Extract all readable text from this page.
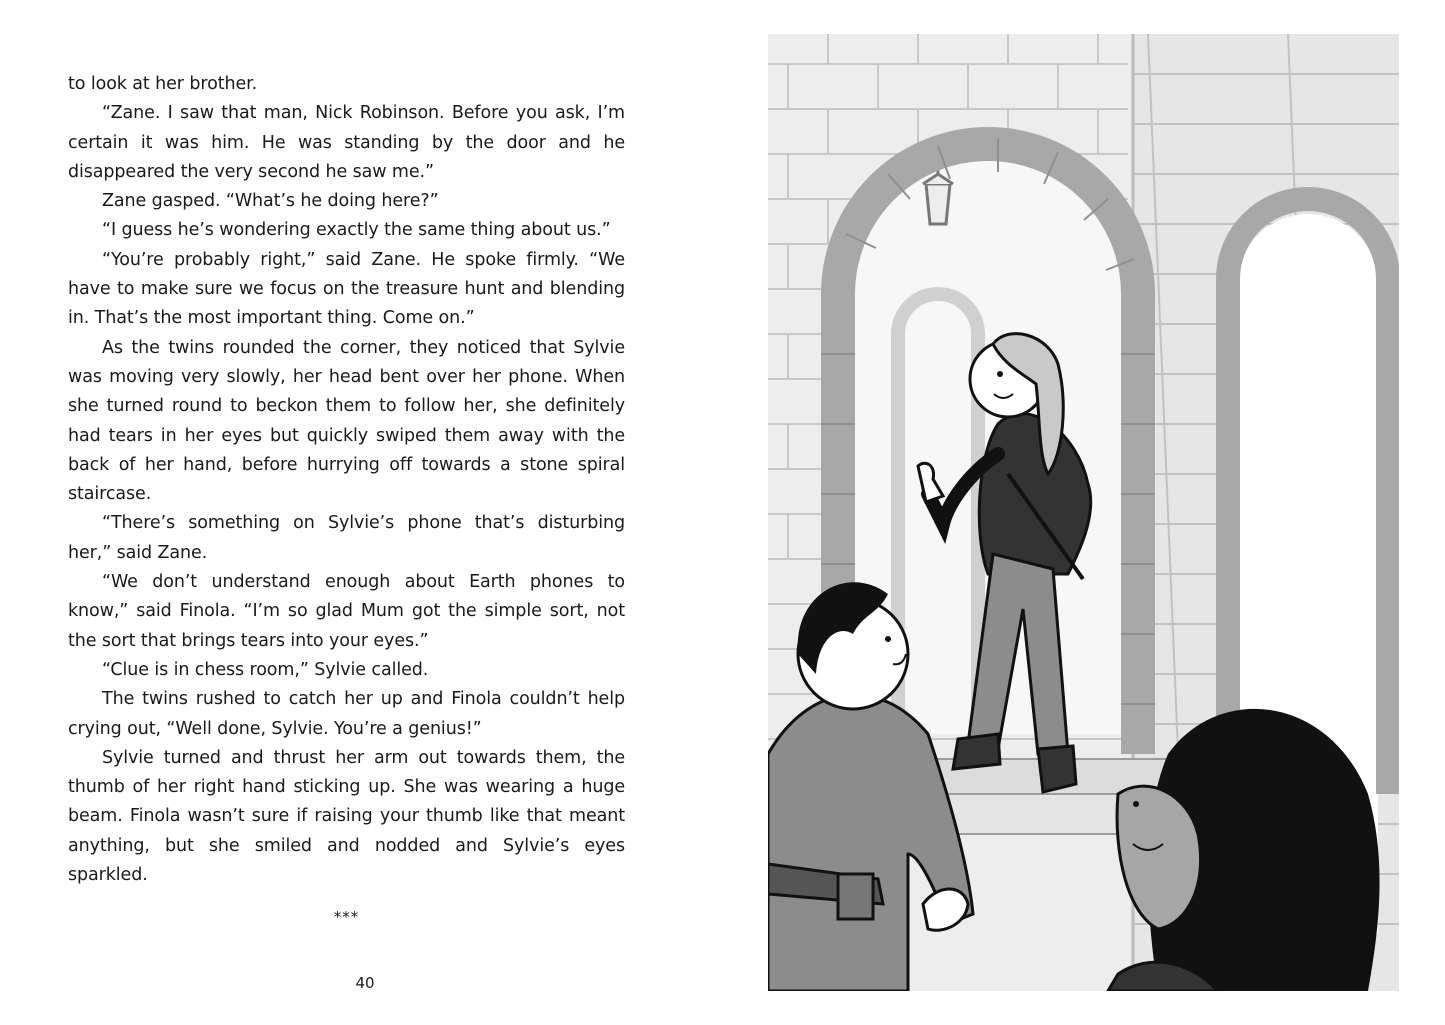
to look at her brother.

“Zane. I saw that man, Nick Robinson. Before you ask, I’m certain it was him. He was standing by the door and he disappeared the very second he saw me.”

Zane gasped. “What’s he doing here?”

“I guess he’s wondering exactly the same thing about us.”

“You’re probably right,” said Zane. He spoke firmly. “We have to make sure we focus on the treasure hunt and blending in. That’s the most important thing. Come on.”

As the twins rounded the corner, they noticed that Sylvie was moving very slowly, her head bent over her phone. When she turned round to beckon them to follow her, she definitely had tears in her eyes but quickly swiped them away with the back of her hand, before hurrying off towards a stone spiral staircase.

“There’s something on Sylvie’s phone that’s disturbing her,” said Zane.

“We don’t understand enough about Earth phones to know,” said Finola. “I’m so glad Mum got the simple sort, not the sort that brings tears into your eyes.”

“Clue is in chess room,” Sylvie called.

The twins rushed to catch her up and Finola couldn’t help crying out, “Well done, Sylvie. You’re a genius!”

Sylvie turned and thrust her arm out towards them, the thumb of her right hand sticking up. She was wearing a huge beam. Finola wasn’t sure if raising your thumb like that meant anything, but she smiled and nodded and Sylvie’s eyes sparkled.

***

40
